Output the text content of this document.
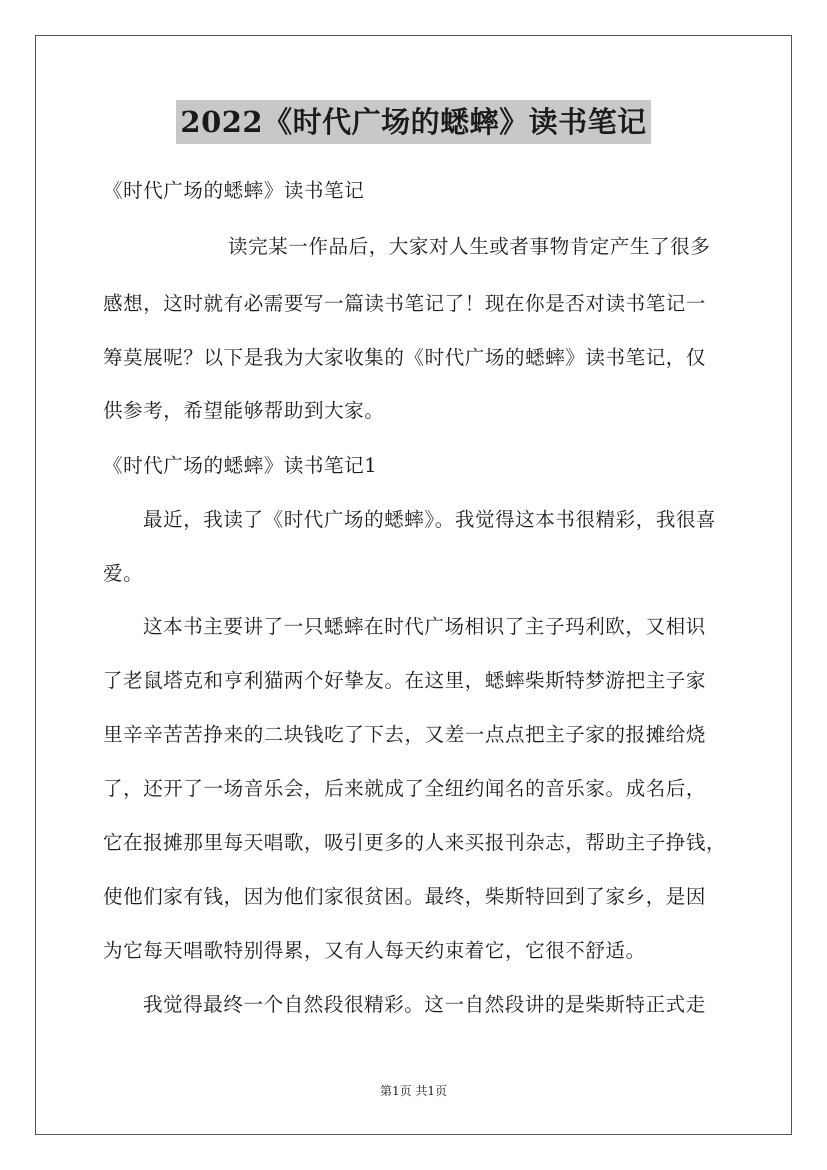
2022《时代广场的蟋蟀》读书笔记
《时代广场的蟋蟀》读书笔记
读完某一作品后，大家对人生或者事物肯定产生了很多
感想，这时就有必需要写一篇读书笔记了！现在你是否对读书笔记一
筹莫展呢？以下是我为大家收集的《时代广场的蟋蟀》读书笔记，仅
供参考，希望能够帮助到大家。
《时代广场的蟋蟀》读书笔记1
最近，我读了《时代广场的蟋蟀》。我觉得这本书很精彩，我很喜
爱。
这本书主要讲了一只蟋蟀在时代广场相识了主子玛利欧，又相识
了老鼠塔克和亨利猫两个好挚友。在这里，蟋蟀柴斯特梦游把主子家
里辛辛苦苦挣来的二块钱吃了下去，又差一点点把主子家的报摊给烧
了，还开了一场音乐会，后来就成了全纽约闻名的音乐家。成名后，
它在报摊那里每天唱歌，吸引更多的人来买报刊杂志，帮助主子挣钱，
使他们家有钱，因为他们家很贫困。最终，柴斯特回到了家乡，是因
为它每天唱歌特别得累，又有人每天约束着它，它很不舒适。
我觉得最终一个自然段很精彩。这一自然段讲的是柴斯特正式走
第1页 共1页
